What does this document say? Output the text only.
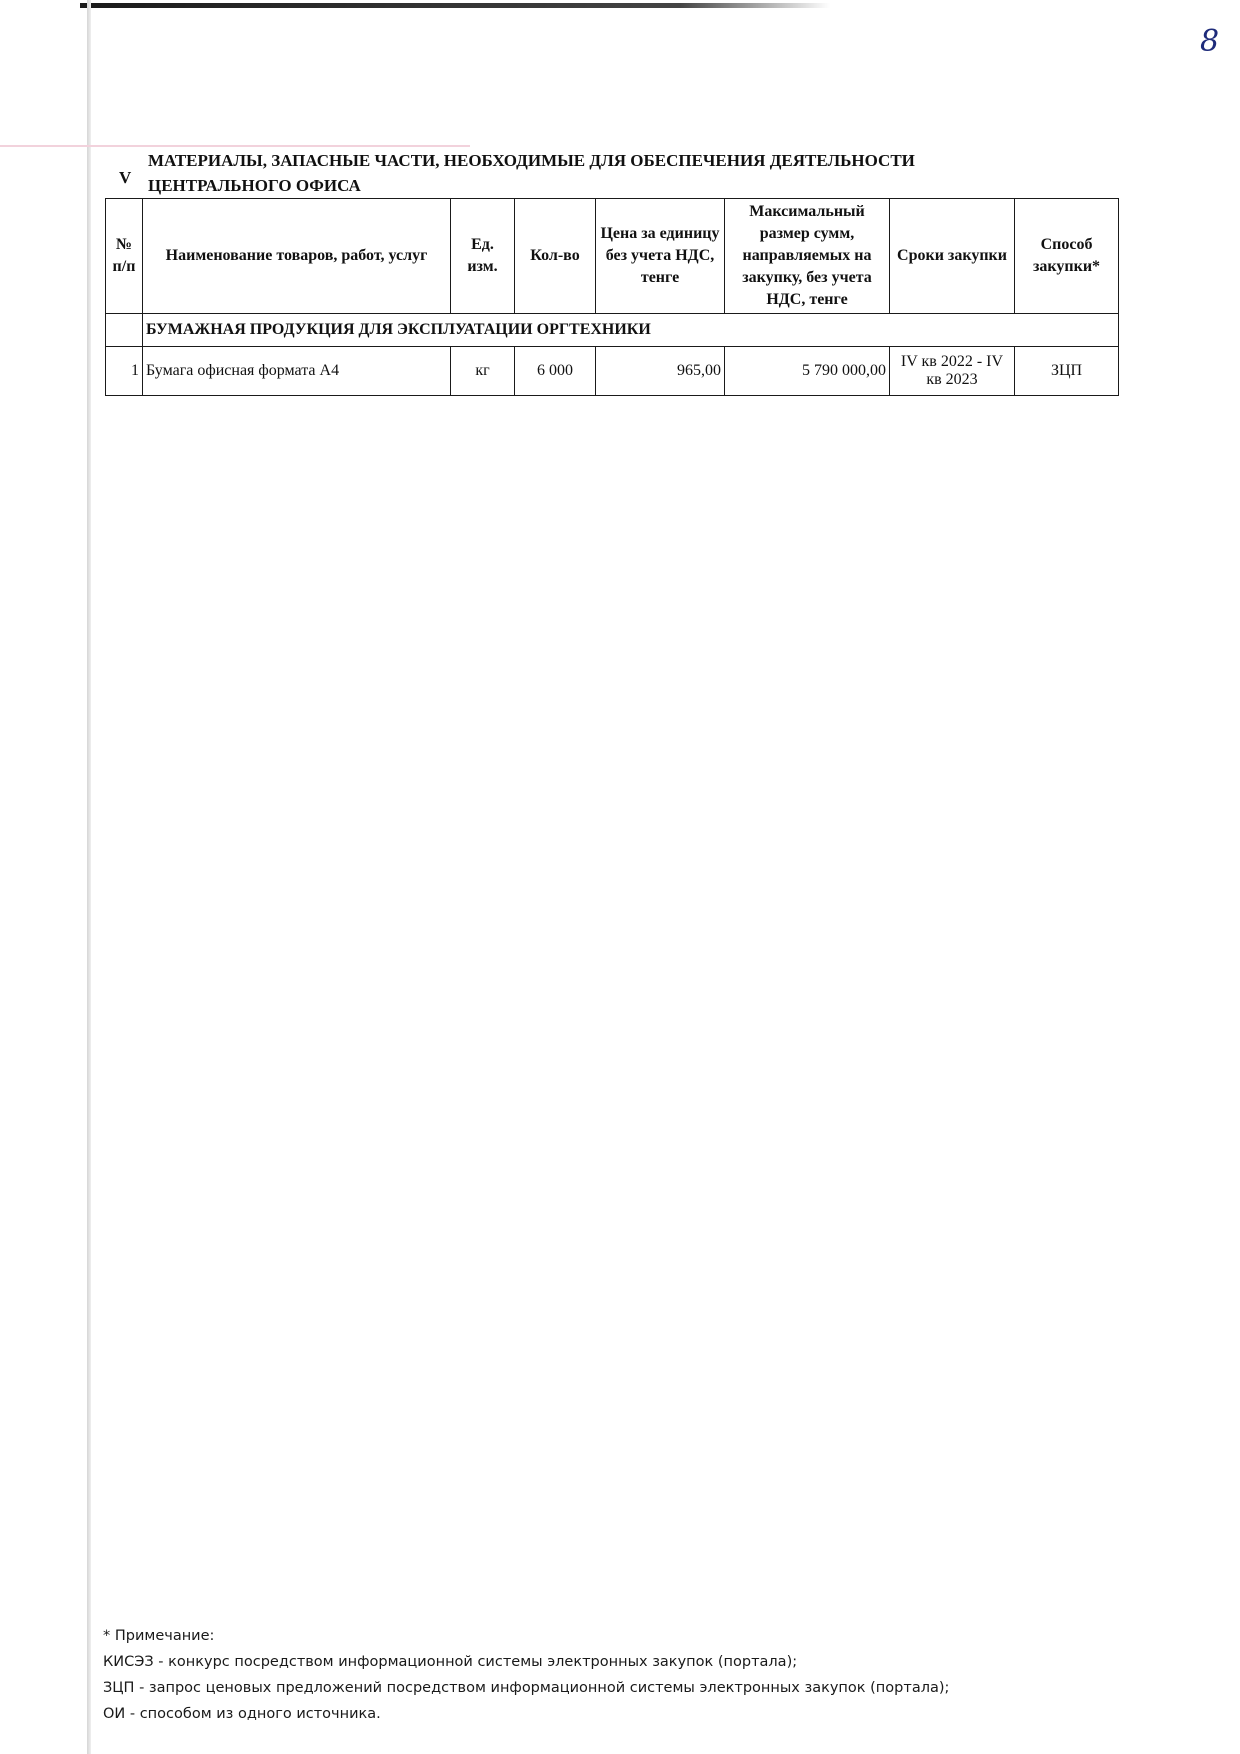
8
V
МАТЕРИАЛЫ, ЗАПАСНЫЕ ЧАСТИ, НЕОБХОДИМЫЕ ДЛЯ ОБЕСПЕЧЕНИЯ ДЕЯТЕЛЬНОСТИ ЦЕНТРАЛЬНОГО ОФИСА
№ п/п	Наименование товаров, работ, услуг	Ед. изм.	Кол-во	Цена за единицу без учета НДС, тенге	Максимальный размер сумм, направляемых на закупку, без учета НДС, тенге	Сроки закупки	Способ закупки*
	БУМАЖНАЯ ПРОДУКЦИЯ ДЛЯ ЭКСПЛУАТАЦИИ ОРГТЕХНИКИ						
1	Бумага офисная формата А4	кг	6 000	965,00	5 790 000,00	IV кв 2022 - IV кв 2023	ЗЦП
* Примечание:
КИСЭЗ - конкурс посредством информационной системы электронных закупок (портала);
ЗЦП - запрос ценовых предложений посредством информационной системы электронных закупок (портала);
ОИ - способом из одного источника.
